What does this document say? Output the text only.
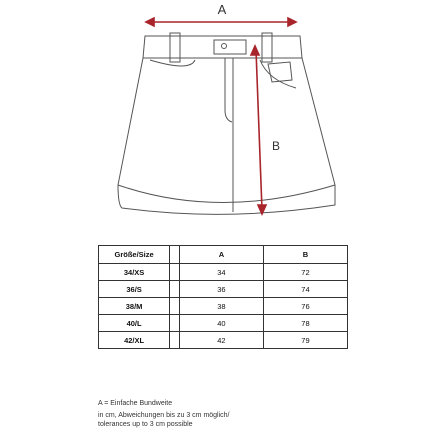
A
B
Größe/Size		A	B
34/XS		34	72
36/S		36	74
38/M		38	76
40/L		40	78
42/XL		42	79
A = Einfache Bundweite
in cm, Abweichungen bis zu 3 cm möglich/
tolerances up to 3 cm possible
